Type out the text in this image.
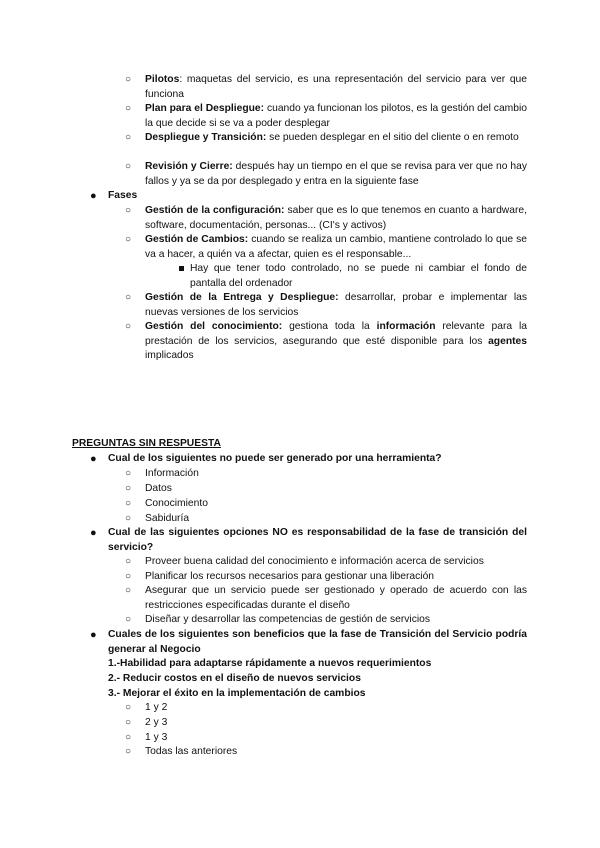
○ Pilotos: maquetas del servicio, es una representación del servicio para ver que funciona
○ Plan para el Despliegue: cuando ya funcionan los pilotos, es la gestión del cambio la que decide si se va a poder desplegar
○ Despliegue y Transición: se pueden desplegar en el sitio del cliente o en remoto
○ Revisión y Cierre: después hay un tiempo en el que se revisa para ver que no hay fallos y ya se da por desplegado y entra en la siguiente fase
● Fases
○ Gestión de la configuración: saber que es lo que tenemos en cuanto a hardware, software, documentación, personas... (CI's y activos)
○ Gestión de Cambios: cuando se realiza un cambio, mantiene controlado lo que se va a hacer, a quién va a afectar, quien es el responsable...
Hay que tener todo controlado, no se puede ni cambiar el fondo de pantalla del ordenador
○ Gestión de la Entrega y Despliegue: desarrollar, probar e implementar las nuevas versiones de los servicios
○ Gestión del conocimiento: gestiona toda la información relevante para la prestación de los servicios, asegurando que esté disponible para los agentes implicados
PREGUNTAS SIN RESPUESTA
● Cual de los siguientes no puede ser generado por una herramienta?
○ Información
○ Datos
○ Conocimiento
○ Sabiduría
● Cual de las siguientes opciones NO es responsabilidad de la fase de transición del servicio?
○ Proveer buena calidad del conocimiento e información acerca de servicios
○ Planificar los recursos necesarios para gestionar una liberación
○ Asegurar que un servicio puede ser gestionado y operado de acuerdo con las restricciones especificadas durante el diseño
○ Diseñar y desarrollar las competencias de gestión de servicios
● Cuales de los siguientes son beneficios que la fase de Transición del Servicio podría generar al Negocio
1.-Habilidad para adaptarse rápidamente a nuevos requerimientos
2.- Reducir costos en el diseño de nuevos servicios
3.- Mejorar el éxito en la implementación de cambios
○ 1 y 2
○ 2 y 3
○ 1 y 3
○ Todas las anteriores
